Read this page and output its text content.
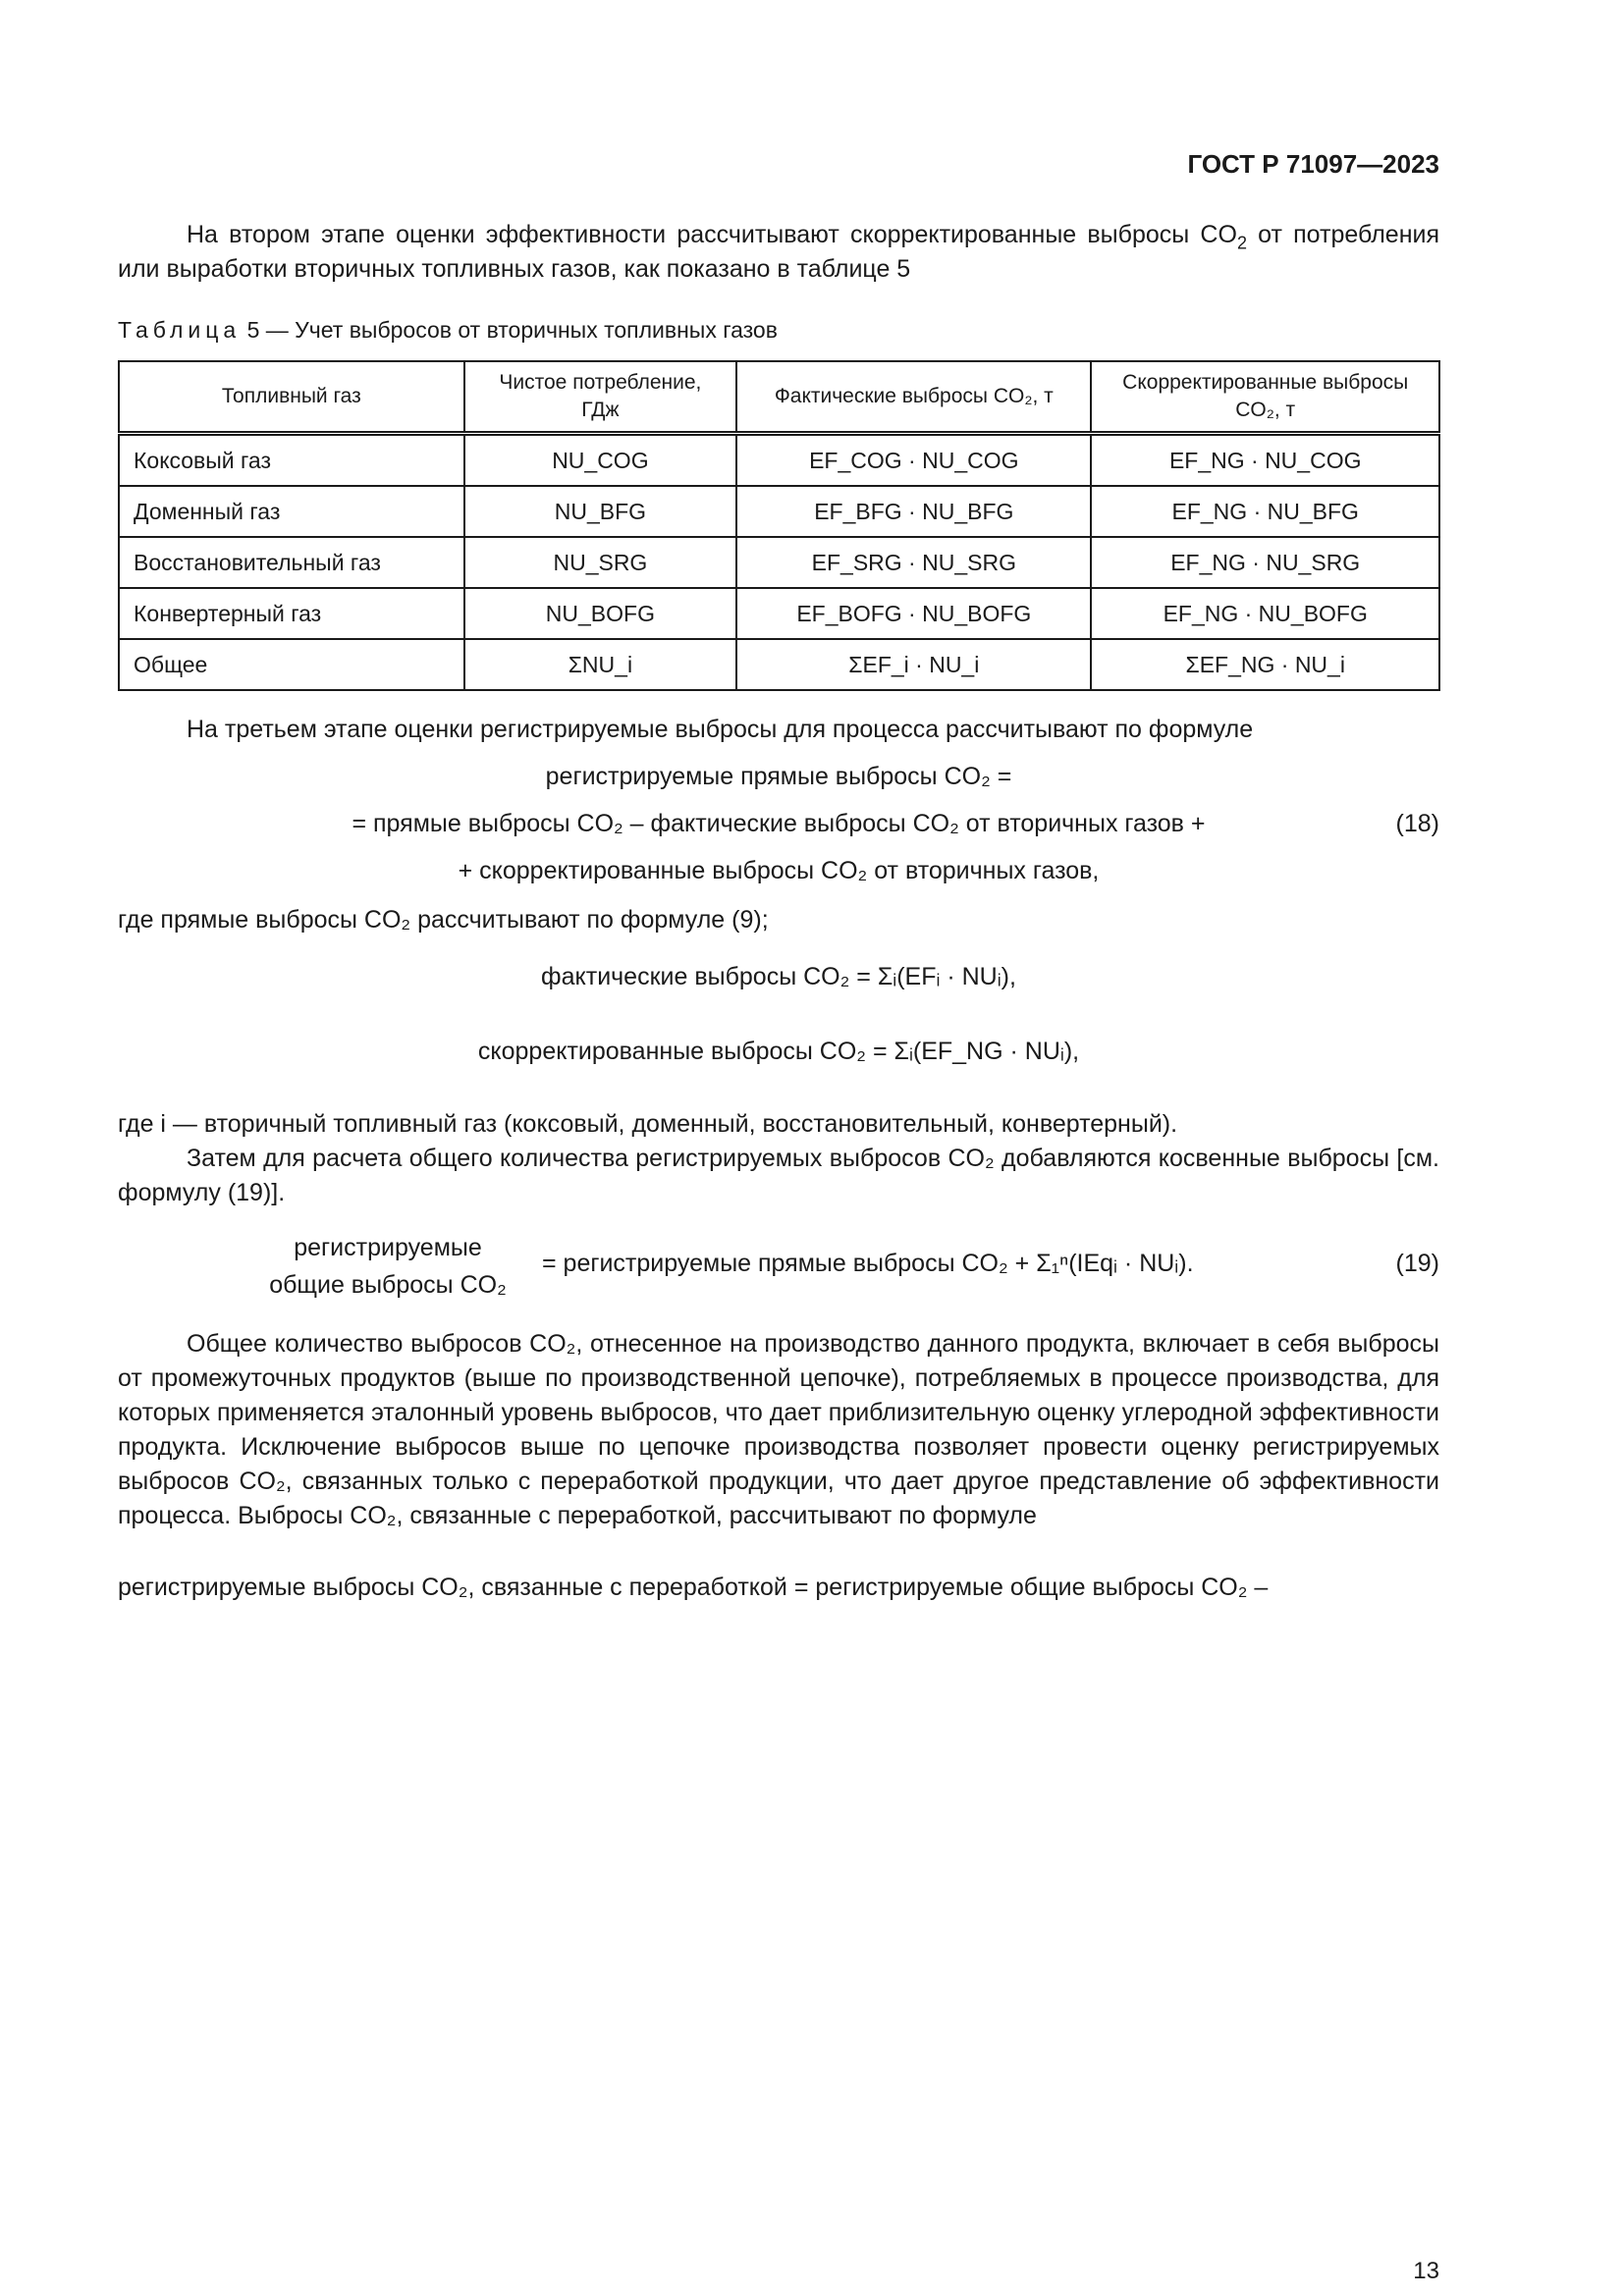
ГОСТ Р 71097—2023

На втором этапе оценки эффективности рассчитывают скорректированные выбросы $CO_2$ от потребления или выработки вторичных топливных газов, как показано в таблице 5

Таблица 5 — Учет выбросов от вторичных топливных газов
Топливный газ	Чистое потребление, ГДж	Фактические выбросы CO₂, т	Скорректированные выбросы CO₂, т
Коксовый газ	NU_COG	EF_COG · NU_COG	EF_NG · NU_COG
Доменный газ	NU_BFG	EF_BFG · NU_BFG	EF_NG · NU_BFG
Восстановительный газ	NU_SRG	EF_SRG · NU_SRG	EF_NG · NU_SRG
Конвертерный газ	NU_BOFG	EF_BOFG · NU_BOFG	EF_NG · NU_BOFG
Общее	ΣNU_i	ΣEF_i · NU_i	ΣEF_NG · NU_i

На третьем этапе оценки регистрируемые выбросы для процесса рассчитывают по формуле

регистрируемые прямые выбросы CO₂ =
= прямые выбросы CO₂ – фактические выбросы CO₂ от вторичных газов +	(18)
+ скорректированные выбросы CO₂ от вторичных газов,

где прямые выбросы CO₂ рассчитывают по формуле (9);

фактические выбросы CO₂ = Σᵢ(EFᵢ · NUᵢ),
скорректированные выбросы CO₂ = Σᵢ(EF_NG · NUᵢ),

где i — вторичный топливный газ (коксовый, доменный, восстановительный, конвертерный).

Затем для расчета общего количества регистрируемых выбросов CO₂ добавляются косвенные выбросы [см. формулу (19)].

регистрируемые
общие выбросы CO₂
= регистрируемые прямые выбросы CO₂ + Σ₁ⁿ(IEqᵢ · NUᵢ).	(19)

Общее количество выбросов CO₂, отнесенное на производство данного продукта, включает в себя выбросы от промежуточных продуктов (выше по производственной цепочке), потребляемых в процессе производства, для которых применяется эталонный уровень выбросов, что дает приблизительную оценку углеродной эффективности продукта. Исключение выбросов выше по цепочке производства позволяет провести оценку регистрируемых выбросов CO₂, связанных только с переработкой продукции, что дает другое представление об эффективности процесса. Выбросы CO₂, связанные с переработкой, рассчитывают по формуле

регистрируемые выбросы CO₂, связанные с переработкой = регистрируемые общие выбросы CO₂ –
13
